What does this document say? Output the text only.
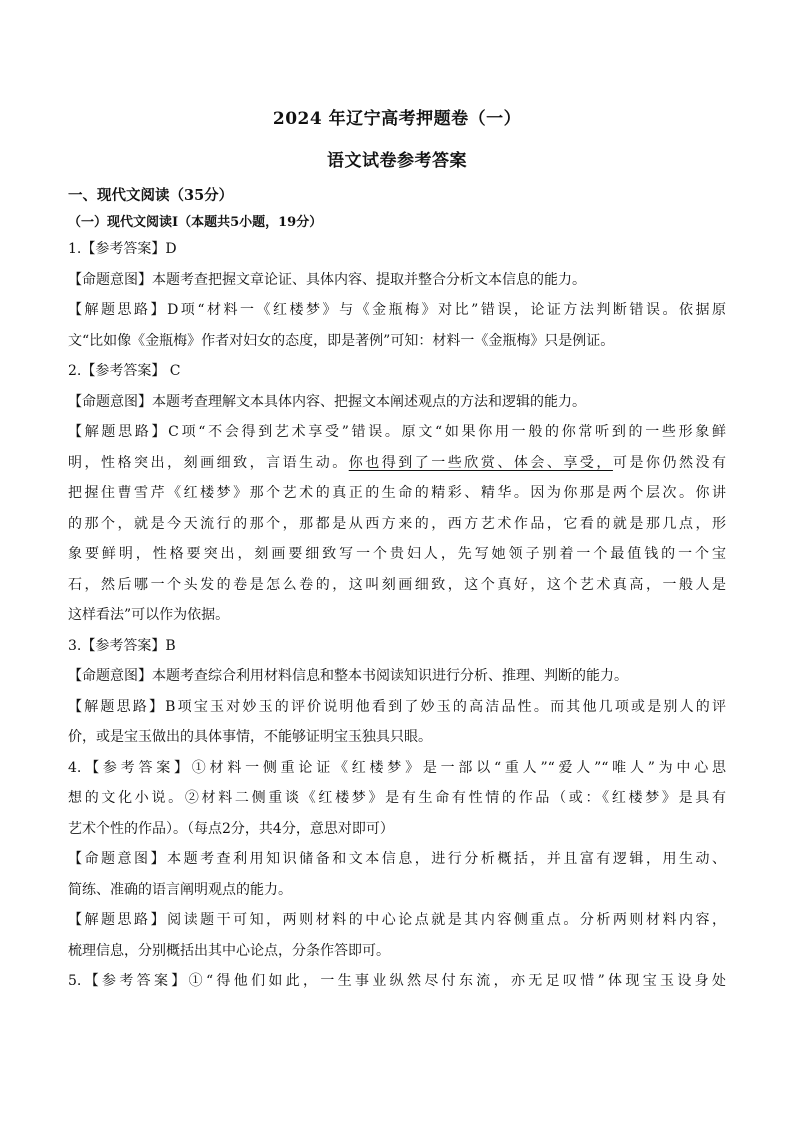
2024 年辽宁高考押题卷（一）
语文试卷参考答案
一、现代文阅读（35分）
（一）现代文阅读Ⅰ（本题共5小题，19分）
1.【参考答案】D
【命题意图】本题考查把握文章论证、具体内容、提取并整合分析文本信息的能力。
【解题思路】D项“材料一《红楼梦》与《金瓶梅》对比”错误，论证方法判断错误。依据原
文“比如像《金瓶梅》作者对妇女的态度，即是著例”可知：材料一《金瓶梅》只是例证。
2.【参考答案】 C
【命题意图】本题考查理解文本具体内容、把握文本阐述观点的方法和逻辑的能力。
【解题思路】C项“不会得到艺术享受”错误。原文“如果你用一般的你常听到的一些形象鲜
明，性格突出，刻画细致，言语生动。你也得到了一些欣赏、体会、享受，可是你仍然没有
把握住曹雪芹《红楼梦》那个艺术的真正的生命的精彩、精华。因为你那是两个层次。你讲
的那个，就是今天流行的那个，那都是从西方来的，西方艺术作品，它看的就是那几点，形
象要鲜明，性格要突出，刻画要细致写一个贵妇人，先写她领子别着一个最值钱的一个宝
石，然后哪一个头发的卷是怎么卷的，这叫刻画细致，这个真好，这个艺术真高，一般人是
这样看法”可以作为依据。
3.【参考答案】B
【命题意图】本题考查综合利用材料信息和整本书阅读知识进行分析、推理、判断的能力。
【解题思路】B项宝玉对妙玉的评价说明他看到了妙玉的高洁品性。而其他几项或是别人的评
价，或是宝玉做出的具体事情，不能够证明宝玉独具只眼。
4.【参考答案】①材料一侧重论证《红楼梦》是一部以“重人”“爱人”“唯人”为中心思
想的文化小说。②材料二侧重谈《红楼梦》是有生命有性情的作品（或：《红楼梦》是具有
艺术个性的作品）。（每点2分，共4分，意思对即可）
【命题意图】本题考查利用知识储备和文本信息，进行分析概括，并且富有逻辑，用生动、
简练、准确的语言阐明观点的能力。
【解题思路】阅读题干可知，两则材料的中心论点就是其内容侧重点。分析两则材料内容，
梳理信息，分别概括出其中心论点，分条作答即可。
5.【参考答案】①“得他们如此，一生事业纵然尽付东流，亦无足叹惜”体现宝玉设身处
